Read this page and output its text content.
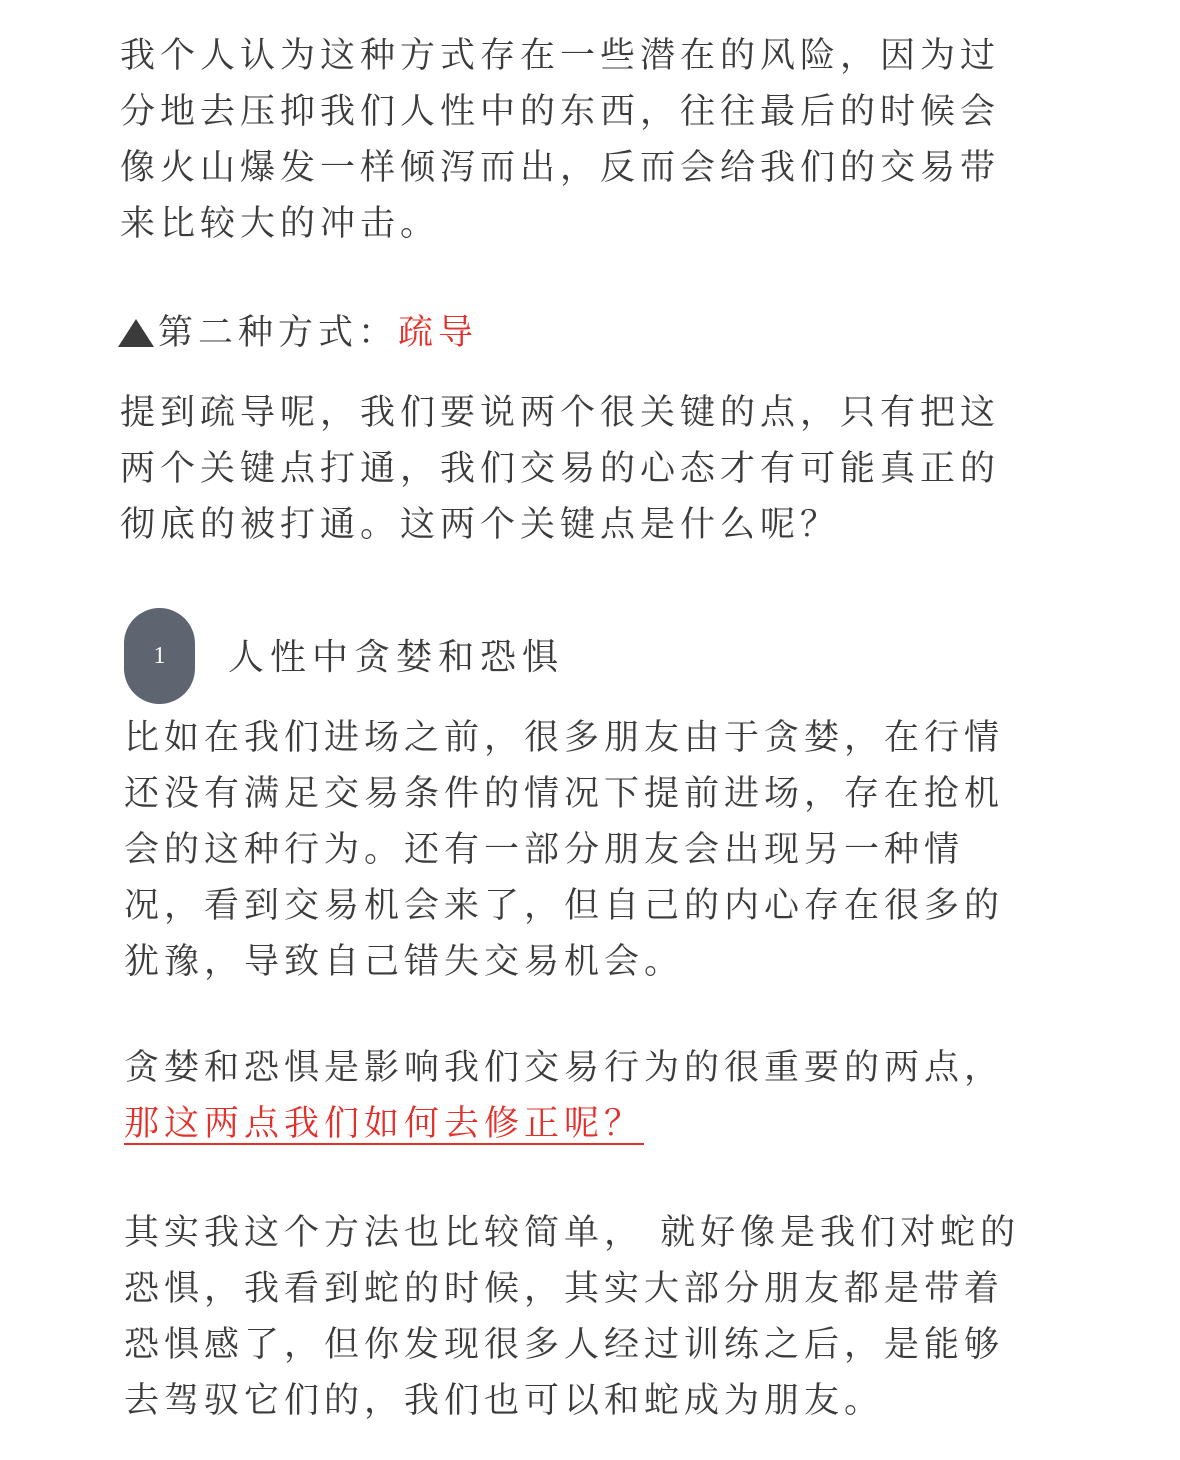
我个人认为这种方式存在一些潜在的风险，因为过
分地去压抑我们人性中的东西，往往最后的时候会
像火山爆发一样倾泻而出，反而会给我们的交易带
来比较大的冲击。
第二种方式：疏导
提到疏导呢，我们要说两个很关键的点，只有把这
两个关键点打通，我们交易的心态才有可能真正的
彻底的被打通。这两个关键点是什么呢？
1	人性中贪婪和恐惧
比如在我们进场之前，很多朋友由于贪婪，在行情
还没有满足交易条件的情况下提前进场，存在抢机
会的这种行为。还有一部分朋友会出现另一种情
况，看到交易机会来了，但自己的内心存在很多的
犹豫，导致自己错失交易机会。
贪婪和恐惧是影响我们交易行为的很重要的两点，
那这两点我们如何去修正呢？
其实我这个方法也比较简单， 就好像是我们对蛇的
恐惧，我看到蛇的时候，其实大部分朋友都是带着
恐惧感了，但你发现很多人经过训练之后，是能够
去驾驭它们的，我们也可以和蛇成为朋友。
